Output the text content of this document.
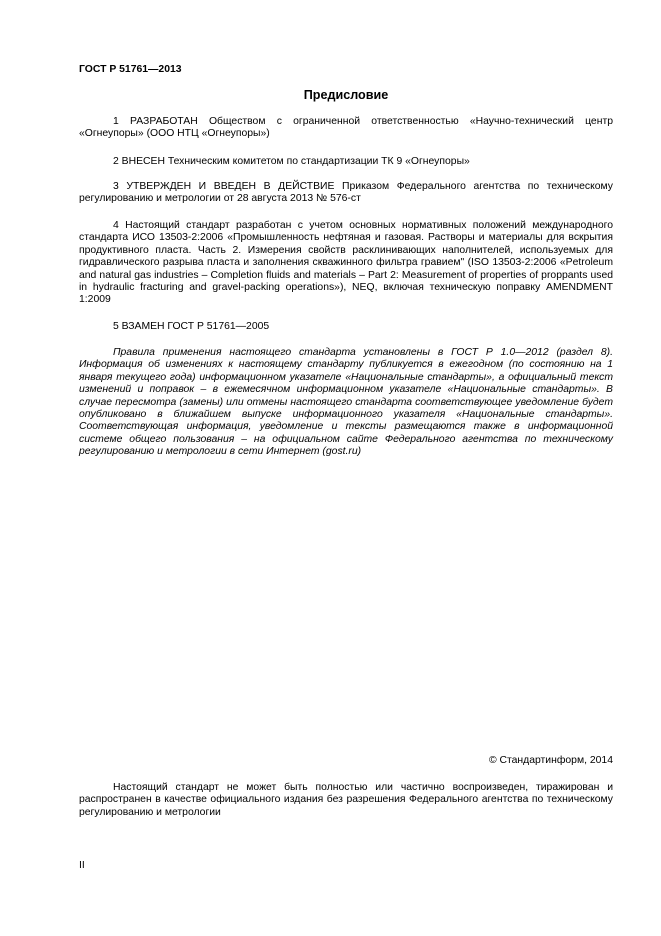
ГОСТ Р 51761—2013
Предисловие

1 РАЗРАБОТАН Обществом с ограниченной ответственностью «Научно-технический центр «Огнеупоры» (ООО НТЦ «Огнеупоры»)

2 ВНЕСЕН Техническим комитетом по стандартизации ТК 9 «Огнеупоры»

3 УТВЕРЖДЕН И ВВЕДЕН В ДЕЙСТВИЕ Приказом Федерального агентства по техническому регулированию и метрологии от 28 августа 2013 № 576-ст

4 Настоящий стандарт разработан с учетом основных нормативных положений международного стандарта ИСО 13503-2:2006 «Промышленность нефтяная и газовая. Растворы и материалы для вскрытия продуктивного пласта. Часть 2. Измерения свойств расклинивающих наполнителей, используемых для гидравлического разрыва пласта и заполнения скважинного фильтра гравием" (ISO 13503-2:2006 «Petroleum and natural gas industries – Completion fluids and materials – Part 2: Measurement of properties of proppants used in hydraulic fracturing and gravel-packing operations»), NEQ, включая техническую поправку AMENDMENT 1:2009

5 ВЗАМЕН ГОСТ Р 51761—2005

Правила применения настоящего стандарта установлены в ГОСТ Р 1.0—2012 (раздел 8). Информация об изменениях к настоящему стандарту публикуется в ежегодном (по состоянию на 1 января текущего года) информационном указателе «Национальные стандарты», а официальный текст изменений и поправок – в ежемесячном информационном указателе «Национальные стандарты». В случае пересмотра (замены) или отмены настоящего стандарта соответствующее уведомление будет опубликовано в ближайшем выпуске информационного указателя «Национальные стандарты». Соответствующая информация, уведомление и тексты размещаются также в информационной системе общего пользования – на официальном сайте Федерального агентства по техническому регулированию и метрологии в сети Интернет (gost.ru)

© Стандартинформ, 2014

Настоящий стандарт не может быть полностью или частично воспроизведен, тиражирован и распространен в качестве официального издания без разрешения Федерального агентства по техническому регулированию и метрологии

II
